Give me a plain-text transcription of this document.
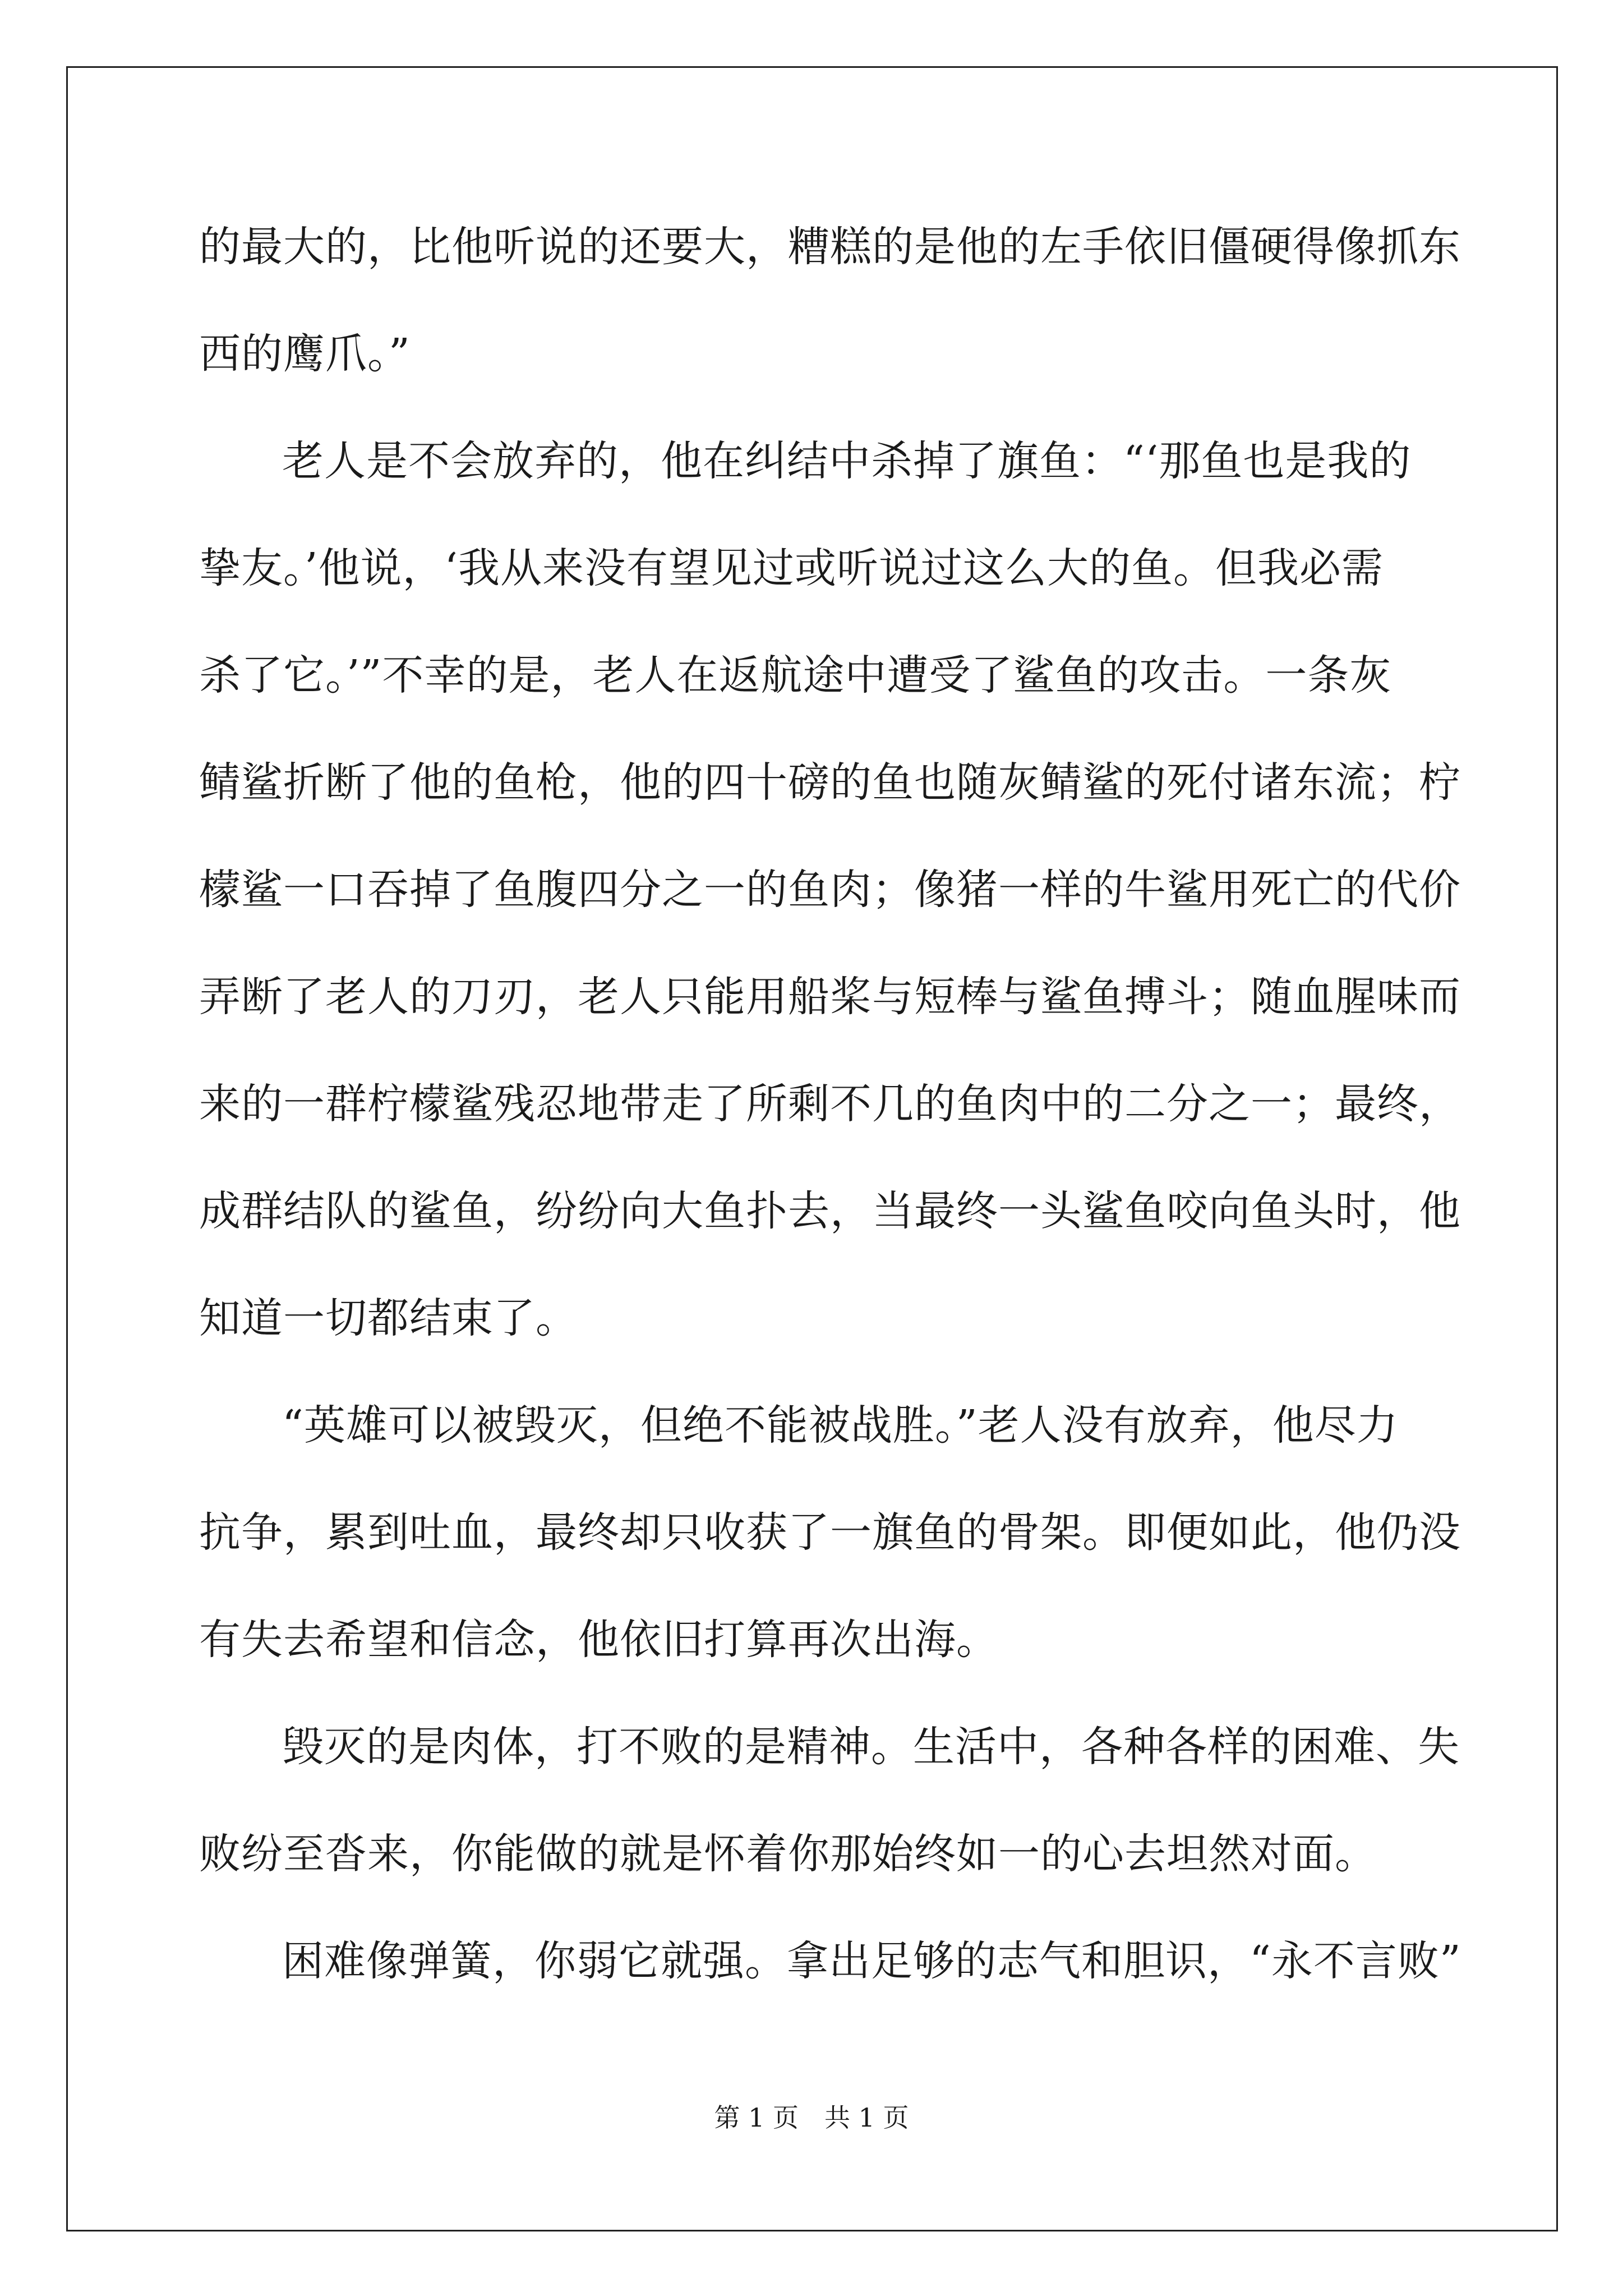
的最大的，比他听说的还要大，糟糕的是他的左手依旧僵硬得像抓东
西的鹰爪。”
老人是不会放弃的，他在纠结中杀掉了旗鱼：“‘那鱼也是我的
挚友。’他说，‘我从来没有望见过或听说过这么大的鱼。但我必需
杀了它。’”不幸的是，老人在返航途中遭受了鲨鱼的攻击。一条灰
鲭鲨折断了他的鱼枪，他的四十磅的鱼也随灰鲭鲨的死付诸东流；柠
檬鲨一口吞掉了鱼腹四分之一的鱼肉；像猪一样的牛鲨用死亡的代价
弄断了老人的刀刃，老人只能用船桨与短棒与鲨鱼搏斗；随血腥味而
来的一群柠檬鲨残忍地带走了所剩不几的鱼肉中的二分之一；最终，
成群结队的鲨鱼，纷纷向大鱼扑去，当最终一头鲨鱼咬向鱼头时，他
知道一切都结束了。
“英雄可以被毁灭，但绝不能被战胜。”老人没有放弃，他尽力
抗争，累到吐血，最终却只收获了一旗鱼的骨架。即便如此，他仍没
有失去希望和信念，他依旧打算再次出海。
毁灭的是肉体，打不败的是精神。生活中，各种各样的困难、失
败纷至沓来，你能做的就是怀着你那始终如一的心去坦然对面。
困难像弹簧，你弱它就强。拿出足够的志气和胆识，“永不言败”
第 1 页　共 1 页
